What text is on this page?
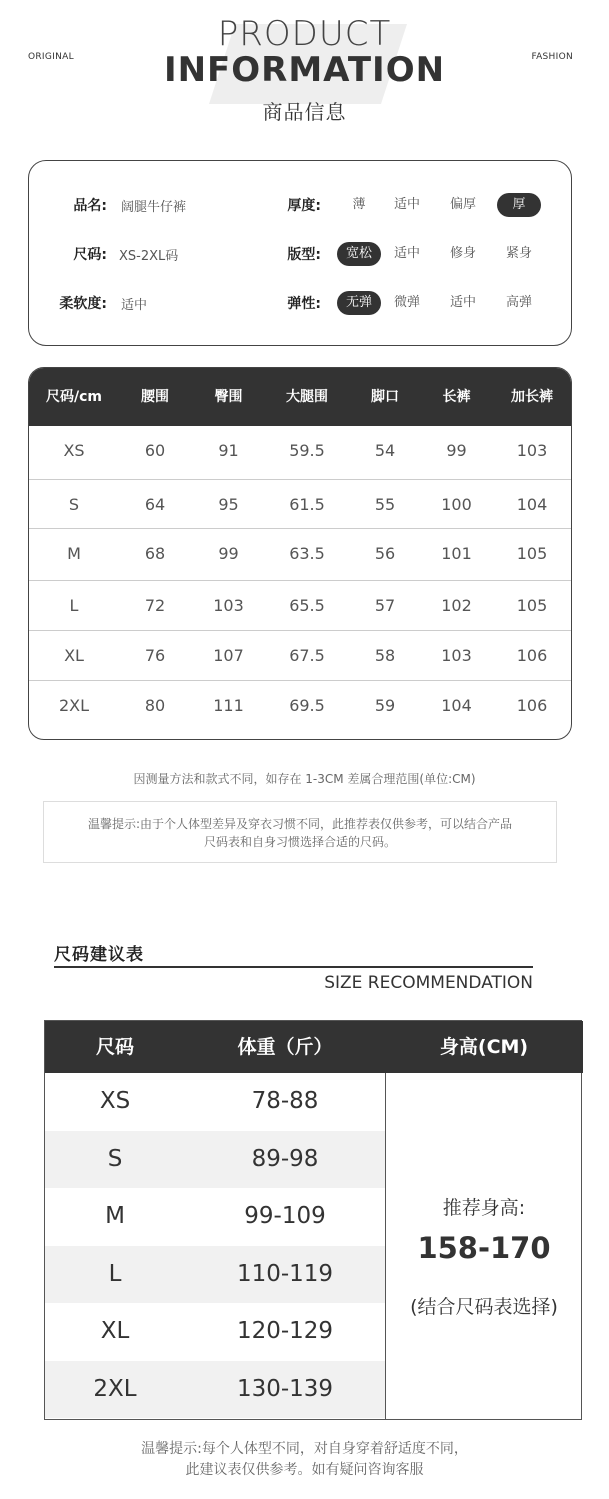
ORIGINAL	FASHION
PRODUCT
INFORMATION
商品信息
品名: 阔腿牛仔裤
尺码: XS-2XL码
柔软度: 适中
厚度:
版型:
弹性:
薄	适中	偏厚	厚
宽松	适中	修身	紧身
无弹	微弹	适中	高弹
尺码/cm	腰围	臀围	大腿围	脚口	长裤	加长裤
XS	60	91	59.5	54	99	103
S	64	95	61.5	55	100	104
M	68	99	63.5	56	101	105
L	72	103	65.5	57	102	105
XL	76	107	67.5	58	103	106
2XL	80	111	69.5	59	104	106
因测量方法和款式不同，如存在 1-3CM 差属合理范围(单位:CM)
温馨提示:由于个人体型差异及穿衣习惯不同，此推荐表仅供参考，可以结合产品
尺码表和自身习惯选择合适的尺码。
尺码建议表
SIZE RECOMMENDATION
尺码	体重（斤）	身高(CM)
XS	78-88
S	89-98
M	99-109
L	110-119
XL	120-129
2XL	130-139
推荐身高:
158-170
(结合尺码表选择)
温馨提示:每个人体型不同，对自身穿着舒适度不同，
此建议表仅供参考。如有疑问咨询客服
